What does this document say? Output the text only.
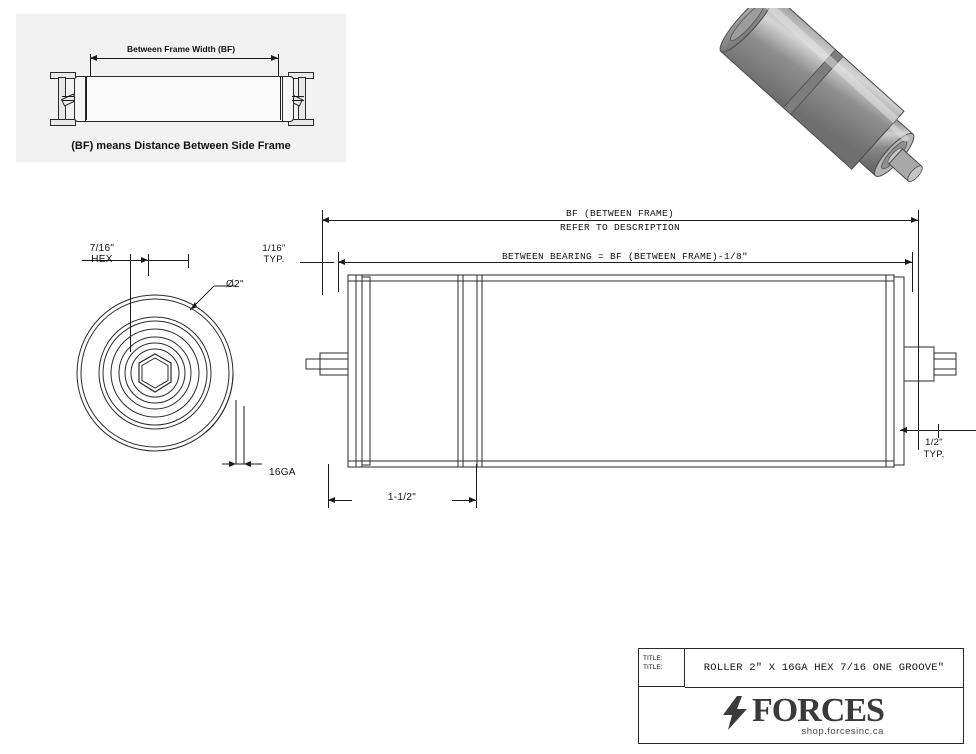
Between Frame Width (BF)
(BF) means Distance Between Side Frame
7/16"
HEX
Ø2"
16GA
BF (BETWEEN FRAME)
REFER TO DESCRIPTION
BETWEEN BEARING = BF (BETWEEN FRAME)-1/8"
1/16"
TYP.
1/2"
TYP.
1-1/2"
TITLE:
TITLE:	ROLLER 2" X 16GA HEX 7/16 ONE GROOVE"
FORCES
shop.forcesinc.ca
